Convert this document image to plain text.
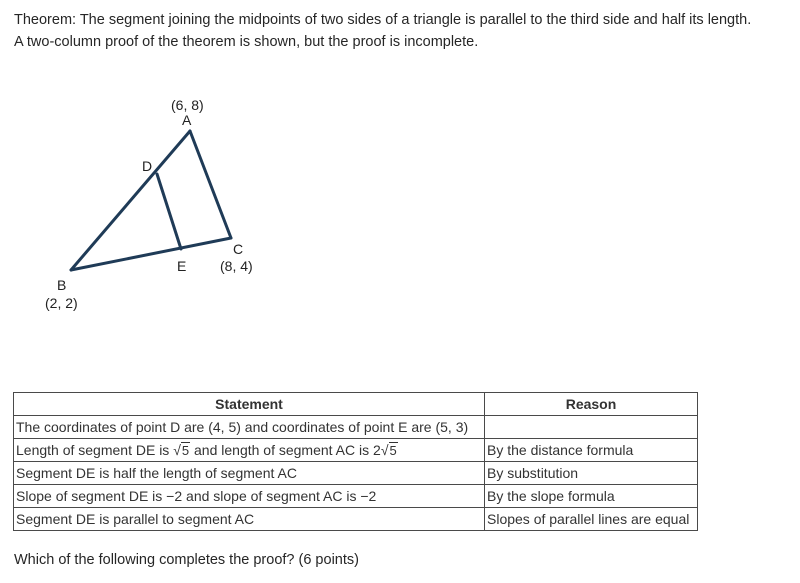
Theorem: The segment joining the midpoints of two sides of a triangle is parallel to the third side and half its length.

A two-column proof of the theorem is shown, but the proof is incomplete.

(6, 8)
A
D
C
E (8, 4)
B
(2, 2)
Statement	Reason
The coordinates of point D are (4, 5) and coordinates of point E are (5, 3)	
Length of segment DE is √5 and length of segment AC is 2√5	By the distance formula
Segment DE is half the length of segment AC	By substitution
Slope of segment DE is −2 and slope of segment AC is −2	By the slope formula
Segment DE is parallel to segment AC	Slopes of parallel lines are equal
Which of the following completes the proof? (6 points)
